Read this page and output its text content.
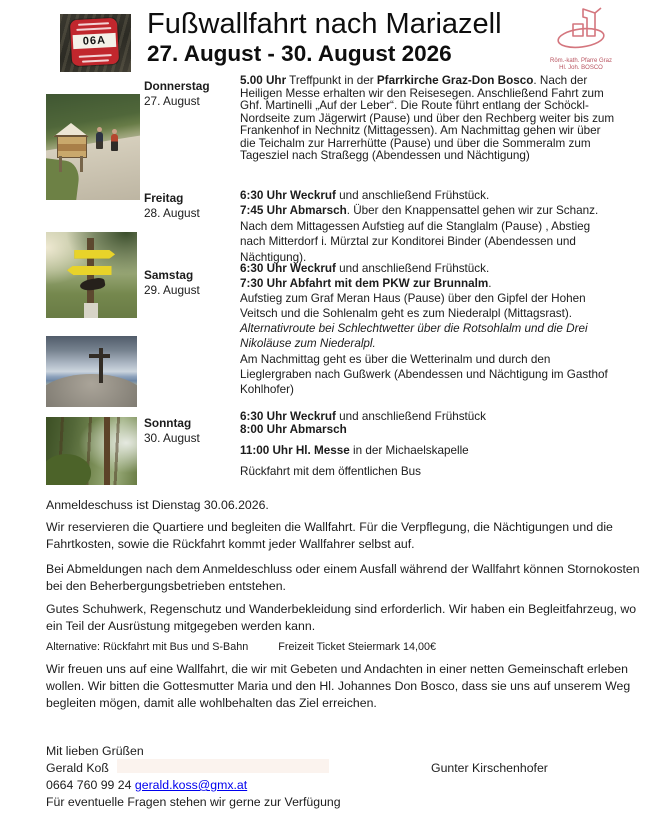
06A
Fußwallfahrt nach Mariazell
27. August - 30. August 2026	Röm.-kath. Pfarre Graz
Hl. Joh. BOSCO
Donnerstag
27. August

5.00 Uhr Treffpunkt in der Pfarrkirche Graz-Don Bosco. Nach der Heiligen Messe erhalten wir den Reisesegen. Anschließend Fahrt zum Ghf. Martinelli „Auf der Leber“. Die Route führt entlang der Schöckl-Nordseite zum Jägerwirt (Pause) und über den Rechberg weiter bis zum Frankenhof in Nechnitz (Mittagessen). Am Nachmittag gehen wir über die Teichalm zur Harrerhütte (Pause) und über die Sommeralm zum Tagesziel nach Straßegg (Abendessen und Nächtigung)

Freitag
28. August

6:30 Uhr Weckruf und anschließend Frühstück.

7:45 Uhr Abmarsch. Über den Knappensattel gehen wir zur Schanz. Nach dem Mittagessen Aufstieg auf die Stanglalm (Pause) , Abstieg nach Mitterdorf i. Mürztal zur Konditorei Binder (Abendessen und Nächtigung).

Samstag
29. August

6:30 Uhr Weckruf und anschließend Frühstück.

7:30 Uhr Abfahrt mit dem PKW zur Brunnalm.

Aufstieg zum Graf Meran Haus (Pause) über den Gipfel der Hohen Veitsch und die Sohlenalm geht es zum Niederalpl (Mittagsrast).

Alternativroute bei Schlechtwetter über die Rotsohlalm und die Drei Nikoläuse zum Niederalpl.

Am Nachmittag geht es über die Wetterinalm und durch den Lieglergraben nach Gußwerk (Abendessen und Nächtigung im Gasthof Kohlhofer)

Sonntag
30. August

6:30 Uhr Weckruf und anschließend Frühstück

8:00 Uhr Abmarsch

11:00 Uhr Hl. Messe in der Michaelskapelle

Rückfahrt mit dem öffentlichen Bus

Anmeldeschuss ist Dienstag 30.06.2026.
Wir reservieren die Quartiere und begleiten die Wallfahrt. Für die Verpflegung, die Nächtigungen und die Fahrtkosten, sowie die Rückfahrt kommt jeder Wallfahrer selbst auf.
Bei Abmeldungen nach dem Anmeldeschluss oder einem Ausfall während der Wallfahrt können Stornokosten bei den Beherbergungsbetrieben entstehen.
Gutes Schuhwerk, Regenschutz und Wanderbekleidung sind erforderlich. Wir haben ein Begleitfahrzeug, wo ein Teil der Ausrüstung mitgegeben werden kann.
Alternative: Rückfahrt mit Bus und S-Bahn	Freizeit Ticket Steiermark 14,00€
Wir freuen uns auf eine Wallfahrt, die wir mit Gebeten und Andachten in einer netten Gemeinschaft erleben wollen. Wir bitten die Gottesmutter Maria und den Hl. Johannes Don Bosco, dass sie uns auf unserem Weg begleiten mögen, damit alle wohlbehalten das Ziel erreichen.
Mit lieben Grüßen
Gerald Koß	Gunter Kirschenhofer
0664 760 99 24 gerald.koss@gmx.at
Für eventuelle Fragen stehen wir gerne zur Verfügung
